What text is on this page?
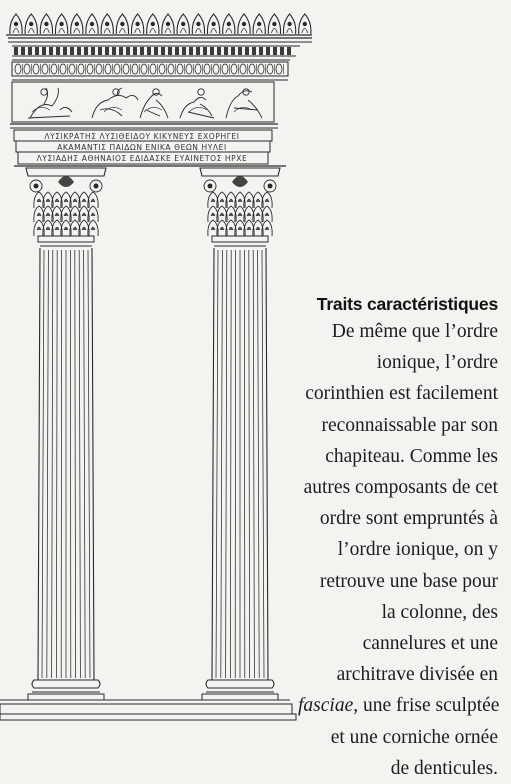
ΛΥΣΙΚΡΑΤΗΣ ΛΥΣΙΘΕΙΔΟΥ ΚΙΚΥΝΕΥΣ ΕΧΟΡΗΓΕΙ
ΑΚΑΜΑΝΤΙΣ ΠΑΙΔΩΝ ΕΝΙΚΑ ΘΕΩΝ ΗΥΛΕΙ
ΛΥΣΙΑΔΗΣ ΑΘΗΝΑΙΟΣ ΕΔΙΔΑΣΚΕ ΕΥΑΙΝΕΤΟΣ ΗΡΧΕ
Traits caractéristiques
De même que l’ordre
ionique, l’ordre
corinthien est facilement
reconnaissable par son
chapiteau. Comme les
autres composants de cet
ordre sont empruntés à
l’ordre ionique, on y
retrouve une base pour
la colonne, des
cannelures et une
architrave divisée en
fasciae, une frise sculptée
et une corniche ornée
de denticules.
